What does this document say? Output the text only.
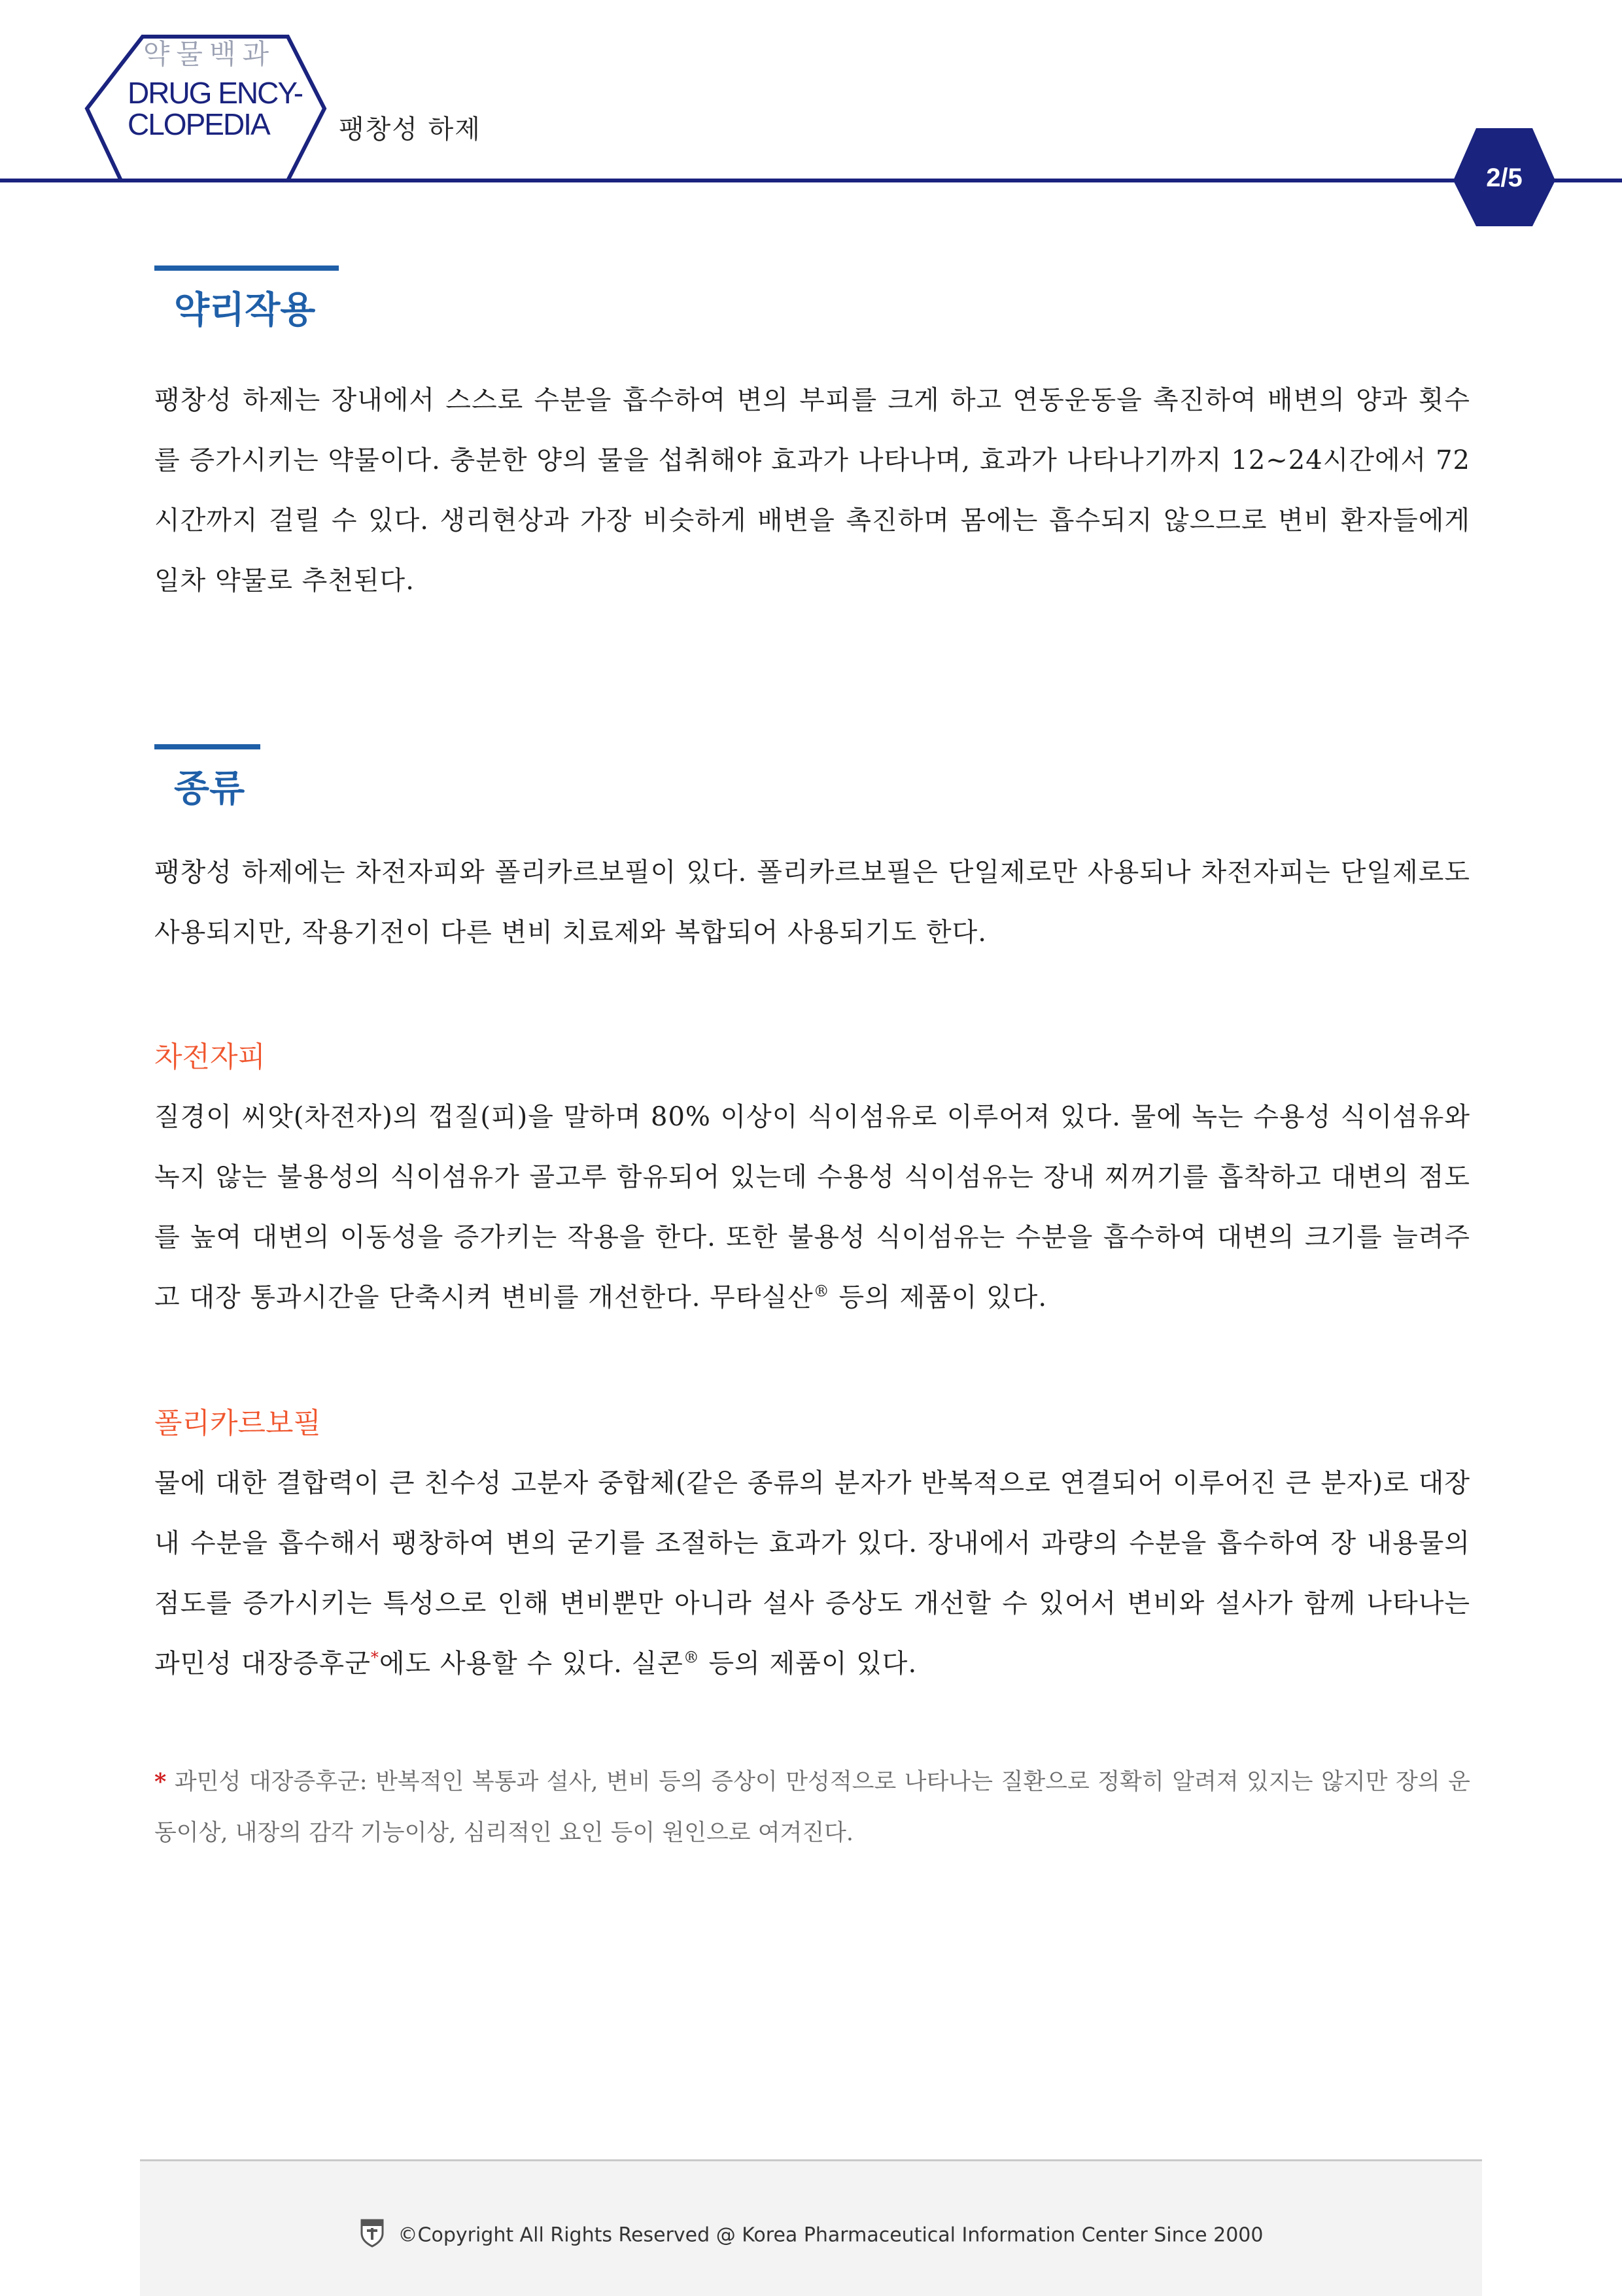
약물백과
DRUG ENCY-
CLOPEDIA	팽창성 하제
2/5
약리작용

팽창성 하제는 장내에서 스스로 수분을 흡수하여 변의 부피를 크게 하고 연동운동을 촉진하여 배변의 양과 횟수를 증가시키는 약물이다. 충분한 양의 물을 섭취해야 효과가 나타나며, 효과가 나타나기까지 12~24시간에서 72시간까지 걸릴 수 있다. 생리현상과 가장 비슷하게 배변을 촉진하며 몸에는 흡수되지 않으므로 변비 환자들에게 일차 약물로 추천된다.

종류

팽창성 하제에는 차전자피와 폴리카르보필이 있다. 폴리카르보필은 단일제로만 사용되나 차전자피는 단일제로도 사용되지만, 작용기전이 다른 변비 치료제와 복합되어 사용되기도 한다.

차전자피

질경이 씨앗(차전자)의 껍질(피)을 말하며 80% 이상이 식이섬유로 이루어져 있다. 물에 녹는 수용성 식이섬유와 녹지 않는 불용성의 식이섬유가 골고루 함유되어 있는데 수용성 식이섬유는 장내 찌꺼기를 흡착하고 대변의 점도를 높여 대변의 이동성을 증가키는 작용을 한다. 또한 불용성 식이섬유는 수분을 흡수하여 대변의 크기를 늘려주고 대장 통과시간을 단축시켜 변비를 개선한다. 무타실산® 등의 제품이 있다.

폴리카르보필

물에 대한 결합력이 큰 친수성 고분자 중합체(같은 종류의 분자가 반복적으로 연결되어 이루어진 큰 분자)로 대장 내 수분을 흡수해서 팽창하여 변의 굳기를 조절하는 효과가 있다. 장내에서 과량의 수분을 흡수하여 장 내용물의 점도를 증가시키는 특성으로 인해 변비뿐만 아니라 설사 증상도 개선할 수 있어서 변비와 설사가 함께 나타나는 과민성 대장증후군*에도 사용할 수 있다. 실콘® 등의 제품이 있다.

* 과민성 대장증후군: 반복적인 복통과 설사, 변비 등의 증상이 만성적으로 나타나는 질환으로 정확히 알려져 있지는 않지만 장의 운동이상, 내장의 감각 기능이상, 심리적인 요인 등이 원인으로 여겨진다.

©Copyright All Rights Reserved @ Korea Pharmaceutical Information Center Since 2000
